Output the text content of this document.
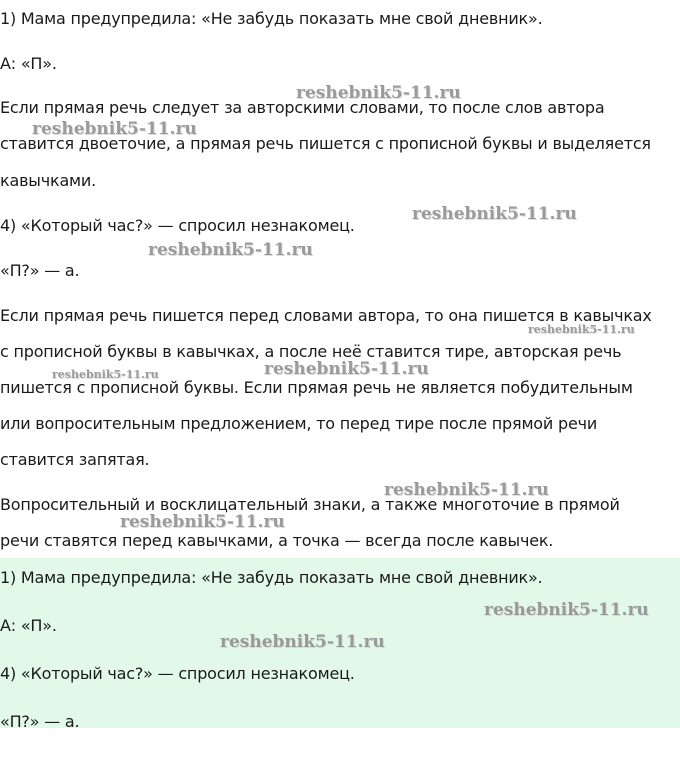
1) Мама предупредила: «Не забудь показать мне свой дневник».
А: «П».
Если прямая речь следует за авторскими словами, то после слов автора
ставится двоеточие, а прямая речь пишется с прописной буквы и выделяется
кавычками.
4) «Который час?» — спросил незнакомец.
«П?» — а.
Если прямая речь пишется перед словами автора, то она пишется в кавычках
с прописной буквы в кавычках, а после неё ставится тире, авторская речь
пишется с прописной буквы. Если прямая речь не является побудительным
или вопросительным предложением, то перед тире после прямой речи
ставится запятая.
Вопросительный и восклицательный знаки, а также многоточие в прямой
речи ставятся перед кавычками, а точка — всегда после кавычек.
1) Мама предупредила: «Не забудь показать мне свой дневник».
А: «П».
4) «Который час?» — спросил незнакомец.
«П?» — а.
reshebnik5-11.ru
reshebnik5-11.ru
reshebnik5-11.ru
reshebnik5-11.ru
reshebnik5-11.ru
reshebnik5-11.ru
reshebnik5-11.ru
reshebnik5-11.ru
reshebnik5-11.ru
reshebnik5-11.ru
reshebnik5-11.ru
